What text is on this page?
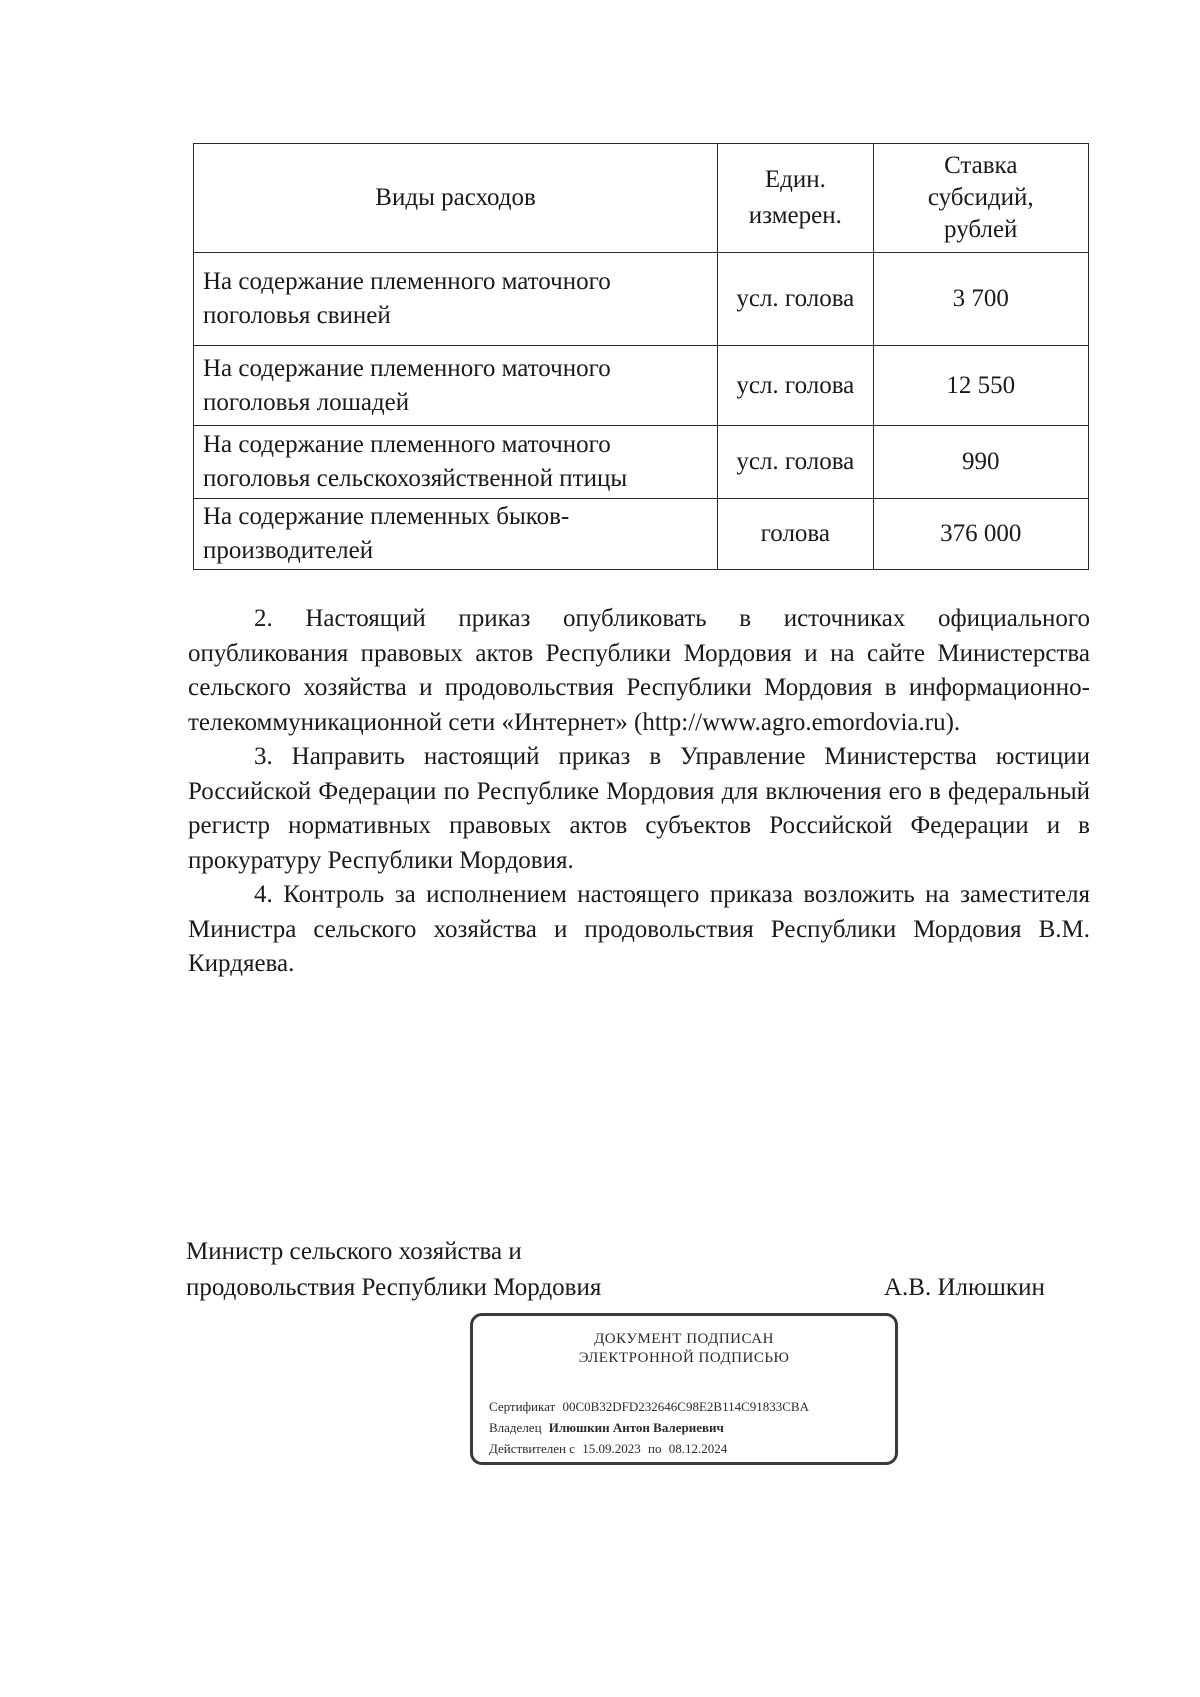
Виды расходов	Един. измерен.	Ставка субсидий, рублей

На содержание племенного маточного поголовья свиней	усл. голова	3 700
На содержание племенного маточного поголовья лошадей	усл. голова	12 550
На содержание племенного маточного поголовья сельскохозяйственной птицы	усл. голова	990
На содержание племенных быков-производителей	голова	376 000

2. Настоящий приказ опубликовать в источниках официального опубликования правовых актов Республики Мордовия и на сайте Министерства сельского хозяйства и продовольствия Республики Мордовия в информационно-телекоммуникационной сети «Интернет» (http://www.agro.emordovia.ru).

3. Направить настоящий приказ в Управление Министерства юстиции Российской Федерации по Республике Мордовия для включения его в федеральный регистр нормативных правовых актов субъектов Российской Федерации и в прокуратуру Республики Мордовия.

4. Контроль за исполнением настоящего приказа возложить на заместителя Министра сельского хозяйства и продовольствия Республики Мордовия В.М. Кирдяева.

Министр сельского хозяйства и
продовольствия Республики Мордовия	А.В. Илюшкин
ДОКУМЕНТ ПОДПИСАН
ЭЛЕКТРОННОЙ ПОДПИСЬЮ
Сертификат 00C0B32DFD232646C98E2B114C91833CBA
Владелец Илюшкин Антон Валериевич
Действителен с 15.09.2023 по 08.12.2024
